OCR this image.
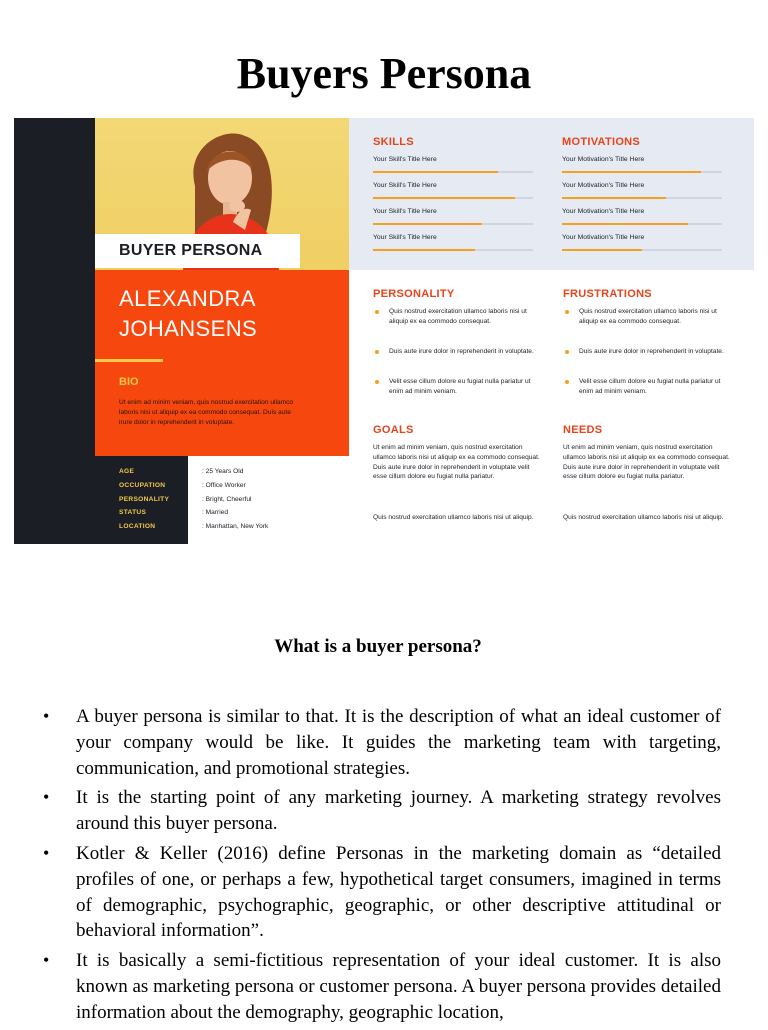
Buyers Persona
BUYER PERSONA
ALEXANDRA
JOHANSENS
BIO
Ut enim ad minim veniam, quis nostrud exercitation ullamco laboris nisi ut aliquip ex ea commodo consequat. Duis aute irure dolor in reprehenderit in voluptate.
AGE	: 25 Years Old
OCCUPATION	: Office Worker
PERSONALITY	: Bright, Cheerful
STATUS	: Married
LOCATION	: Manhattan, New York
SKILLS	MOTIVATIONS
Your Skill's Title Here
Your Skill's Title Here
Your Skill's Title Here
Your Skill's Title Here
Your Motivation's Title Here
Your Motivation's Title Here
Your Motivation's Title Here
Your Motivation's Title Here
PERSONALITY
Quis nostrud exercitation ullamco laboris nisi ut aliquip ex ea commodo consequat.
Duis aute irure dolor in reprehenderit in voluptate.
Velit esse cillum dolore eu fugiat nulla pariatur ut enim ad minim veniam.
FRUSTRATIONS
Quis nostrud exercitation ullamco laboris nisi ut aliquip ex ea commodo consequat.
Duis aute irure dolor in reprehenderit in voluptate.
Velit esse cillum dolore eu fugiat nulla pariatur ut enim ad minim veniam.
GOALS
Ut enim ad minim veniam, quis nostrud exercitation ullamco laboris nisi ut aliquip ex ea commodo consequat. Duis aute irure dolor in reprehenderit in voluptate velit esse cillum dolore eu fugiat nulla pariatur.
Quis nostrud exercitation ullamco laboris nisi ut aliquip.
NEEDS
Ut enim ad minim veniam, quis nostrud exercitation ullamco laboris nisi ut aliquip ex ea commodo consequat. Duis aute irure dolor in reprehenderit in voluptate velit esse cillum dolore eu fugiat nulla pariatur.
Quis nostrud exercitation ullamco laboris nisi ut aliquip.
What is a buyer persona?
• A buyer persona is similar to that. It is the description of what an ideal customer of your company would be like. It guides the marketing team with targeting, communication, and promotional strategies.
• It is the starting point of any marketing journey. A marketing strategy revolves around this buyer persona.
• Kotler & Keller (2016) define Personas in the marketing domain as “detailed profiles of one, or perhaps a few, hypothetical target consumers, imagined in terms of demographic, psychographic, geographic, or other descriptive attitudinal or behavioral information”.
• It is basically a semi-fictitious representation of your ideal customer. It is also known as marketing persona or customer persona. A buyer persona provides detailed information about the demography, geographic location,
